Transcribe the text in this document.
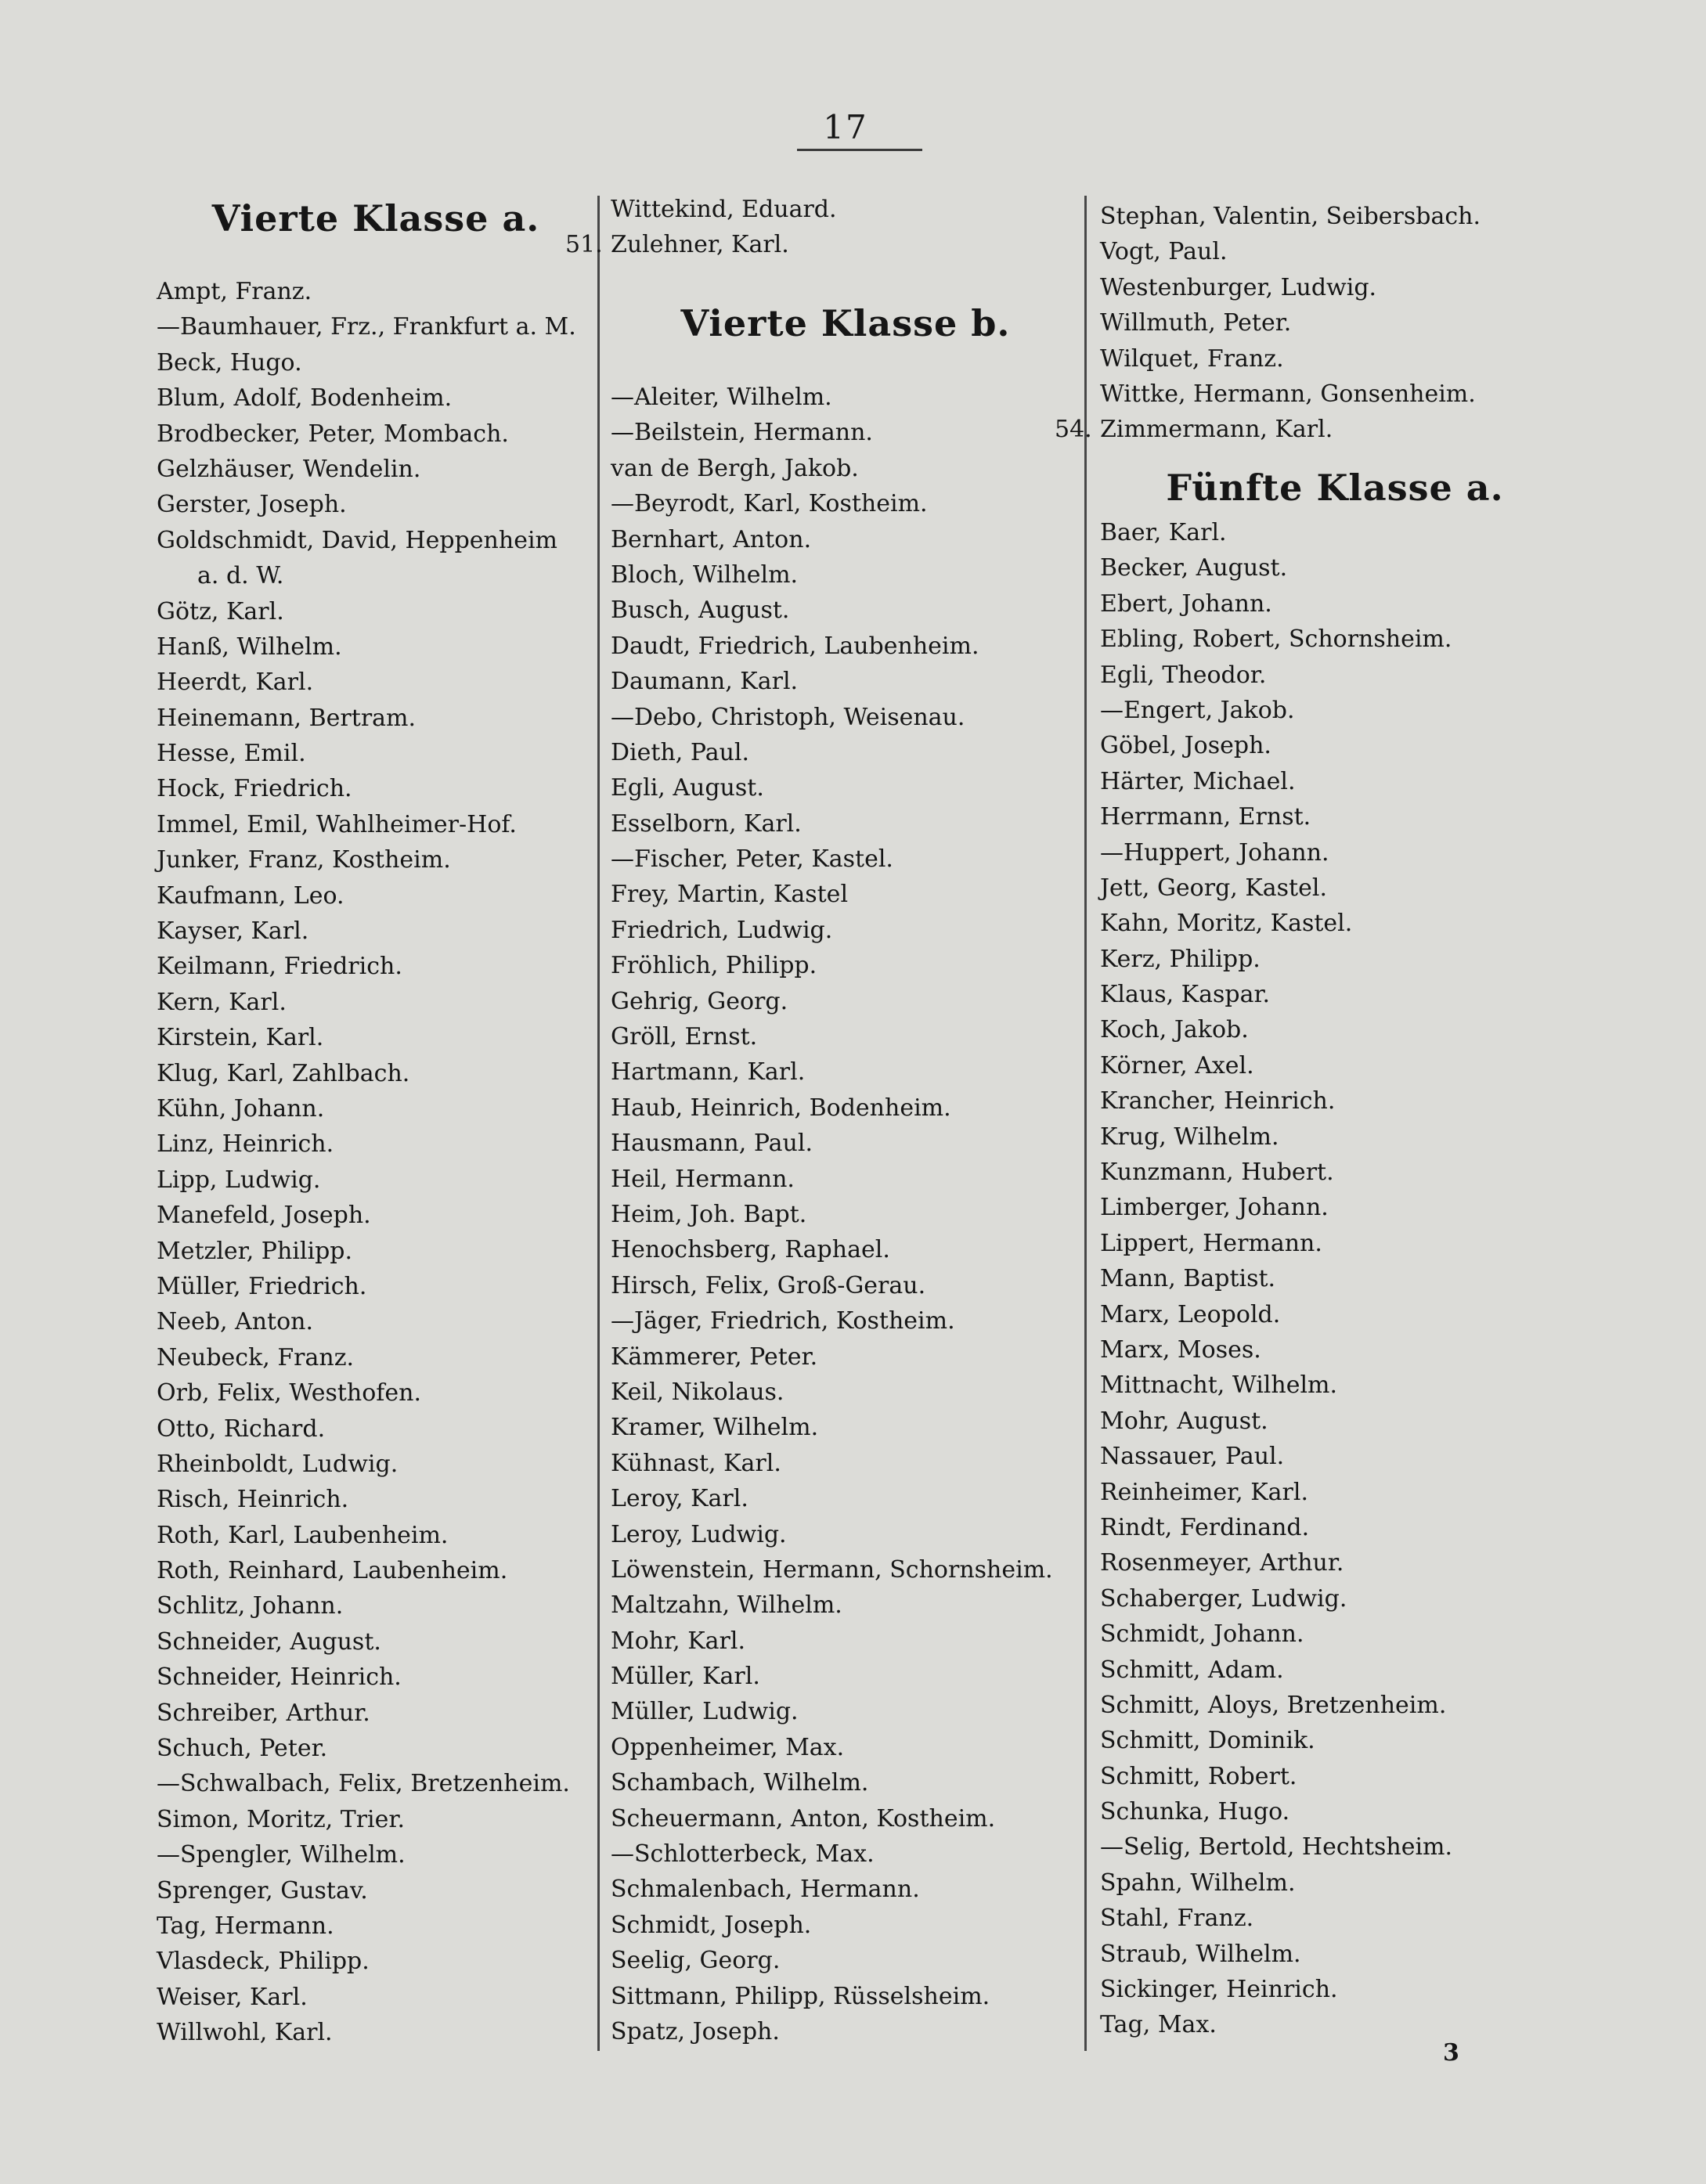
17
Vierte Klasse a.
Ampt, Franz.
—Baumhauer, Frz., Frankfurt a. M.
Beck, Hugo.
Blum, Adolf, Bodenheim.
Brodbecker, Peter, Mombach.
Gelzhäuser, Wendelin.
Gerster, Joseph.
Goldschmidt, David, Heppenheim
a. d. W.
Götz, Karl.
Hanß, Wilhelm.
Heerdt, Karl.
Heinemann, Bertram.
Hesse, Emil.
Hock, Friedrich.
Immel, Emil, Wahlheimer-Hof.
Junker, Franz, Kostheim.
Kaufmann, Leo.
Kayser, Karl.
Keilmann, Friedrich.
Kern, Karl.
Kirstein, Karl.
Klug, Karl, Zahlbach.
Kühn, Johann.
Linz, Heinrich.
Lipp, Ludwig.
Manefeld, Joseph.
Metzler, Philipp.
Müller, Friedrich.
Neeb, Anton.
Neubeck, Franz.
Orb, Felix, Westhofen.
Otto, Richard.
Rheinboldt, Ludwig.
Risch, Heinrich.
Roth, Karl, Laubenheim.
Roth, Reinhard, Laubenheim.
Schlitz, Johann.
Schneider, August.
Schneider, Heinrich.
Schreiber, Arthur.
Schuch, Peter.
—Schwalbach, Felix, Bretzenheim.
Simon, Moritz, Trier.
—Spengler, Wilhelm.
Sprenger, Gustav.
Tag, Hermann.
Vlasdeck, Philipp.
Weiser, Karl.
Willwohl, Karl.
Wittekind, Eduard.
51. Zulehner, Karl.
Vierte Klasse b.
—Aleiter, Wilhelm.
—Beilstein, Hermann.
van de Bergh, Jakob.
—Beyrodt, Karl, Kostheim.
Bernhart, Anton.
Bloch, Wilhelm.
Busch, August.
Daudt, Friedrich, Laubenheim.
Daumann, Karl.
—Debo, Christoph, Weisenau.
Dieth, Paul.
Egli, August.
Esselborn, Karl.
—Fischer, Peter, Kastel.
Frey, Martin, Kastel
Friedrich, Ludwig.
Fröhlich, Philipp.
Gehrig, Georg.
Gröll, Ernst.
Hartmann, Karl.
Haub, Heinrich, Bodenheim.
Hausmann, Paul.
Heil, Hermann.
Heim, Joh. Bapt.
Henochsberg, Raphael.
Hirsch, Felix, Groß-Gerau.
—Jäger, Friedrich, Kostheim.
Kämmerer, Peter.
Keil, Nikolaus.
Kramer, Wilhelm.
Kühnast, Karl.
Leroy, Karl.
Leroy, Ludwig.
Löwenstein, Hermann, Schornsheim.
Maltzahn, Wilhelm.
Mohr, Karl.
Müller, Karl.
Müller, Ludwig.
Oppenheimer, Max.
Schambach, Wilhelm.
Scheuermann, Anton, Kostheim.
—Schlotterbeck, Max.
Schmalenbach, Hermann.
Schmidt, Joseph.
Seelig, Georg.
Sittmann, Philipp, Rüsselsheim.
Spatz, Joseph.
Stephan, Valentin, Seibersbach.
Vogt, Paul.
Westenburger, Ludwig.
Willmuth, Peter.
Wilquet, Franz.
Wittke, Hermann, Gonsenheim.
54. Zimmermann, Karl.
Fünfte Klasse a.
Baer, Karl.
Becker, August.
Ebert, Johann.
Ebling, Robert, Schornsheim.
Egli, Theodor.
—Engert, Jakob.
Göbel, Joseph.
Härter, Michael.
Herrmann, Ernst.
—Huppert, Johann.
Jett, Georg, Kastel.
Kahn, Moritz, Kastel.
Kerz, Philipp.
Klaus, Kaspar.
Koch, Jakob.
Körner, Axel.
Krancher, Heinrich.
Krug, Wilhelm.
Kunzmann, Hubert.
Limberger, Johann.
Lippert, Hermann.
Mann, Baptist.
Marx, Leopold.
Marx, Moses.
Mittnacht, Wilhelm.
Mohr, August.
Nassauer, Paul.
Reinheimer, Karl.
Rindt, Ferdinand.
Rosenmeyer, Arthur.
Schaberger, Ludwig.
Schmidt, Johann.
Schmitt, Adam.
Schmitt, Aloys, Bretzenheim.
Schmitt, Dominik.
Schmitt, Robert.
Schunka, Hugo.
—Selig, Bertold, Hechtsheim.
Spahn, Wilhelm.
Stahl, Franz.
Straub, Wilhelm.
Sickinger, Heinrich.
Tag, Max.
3
